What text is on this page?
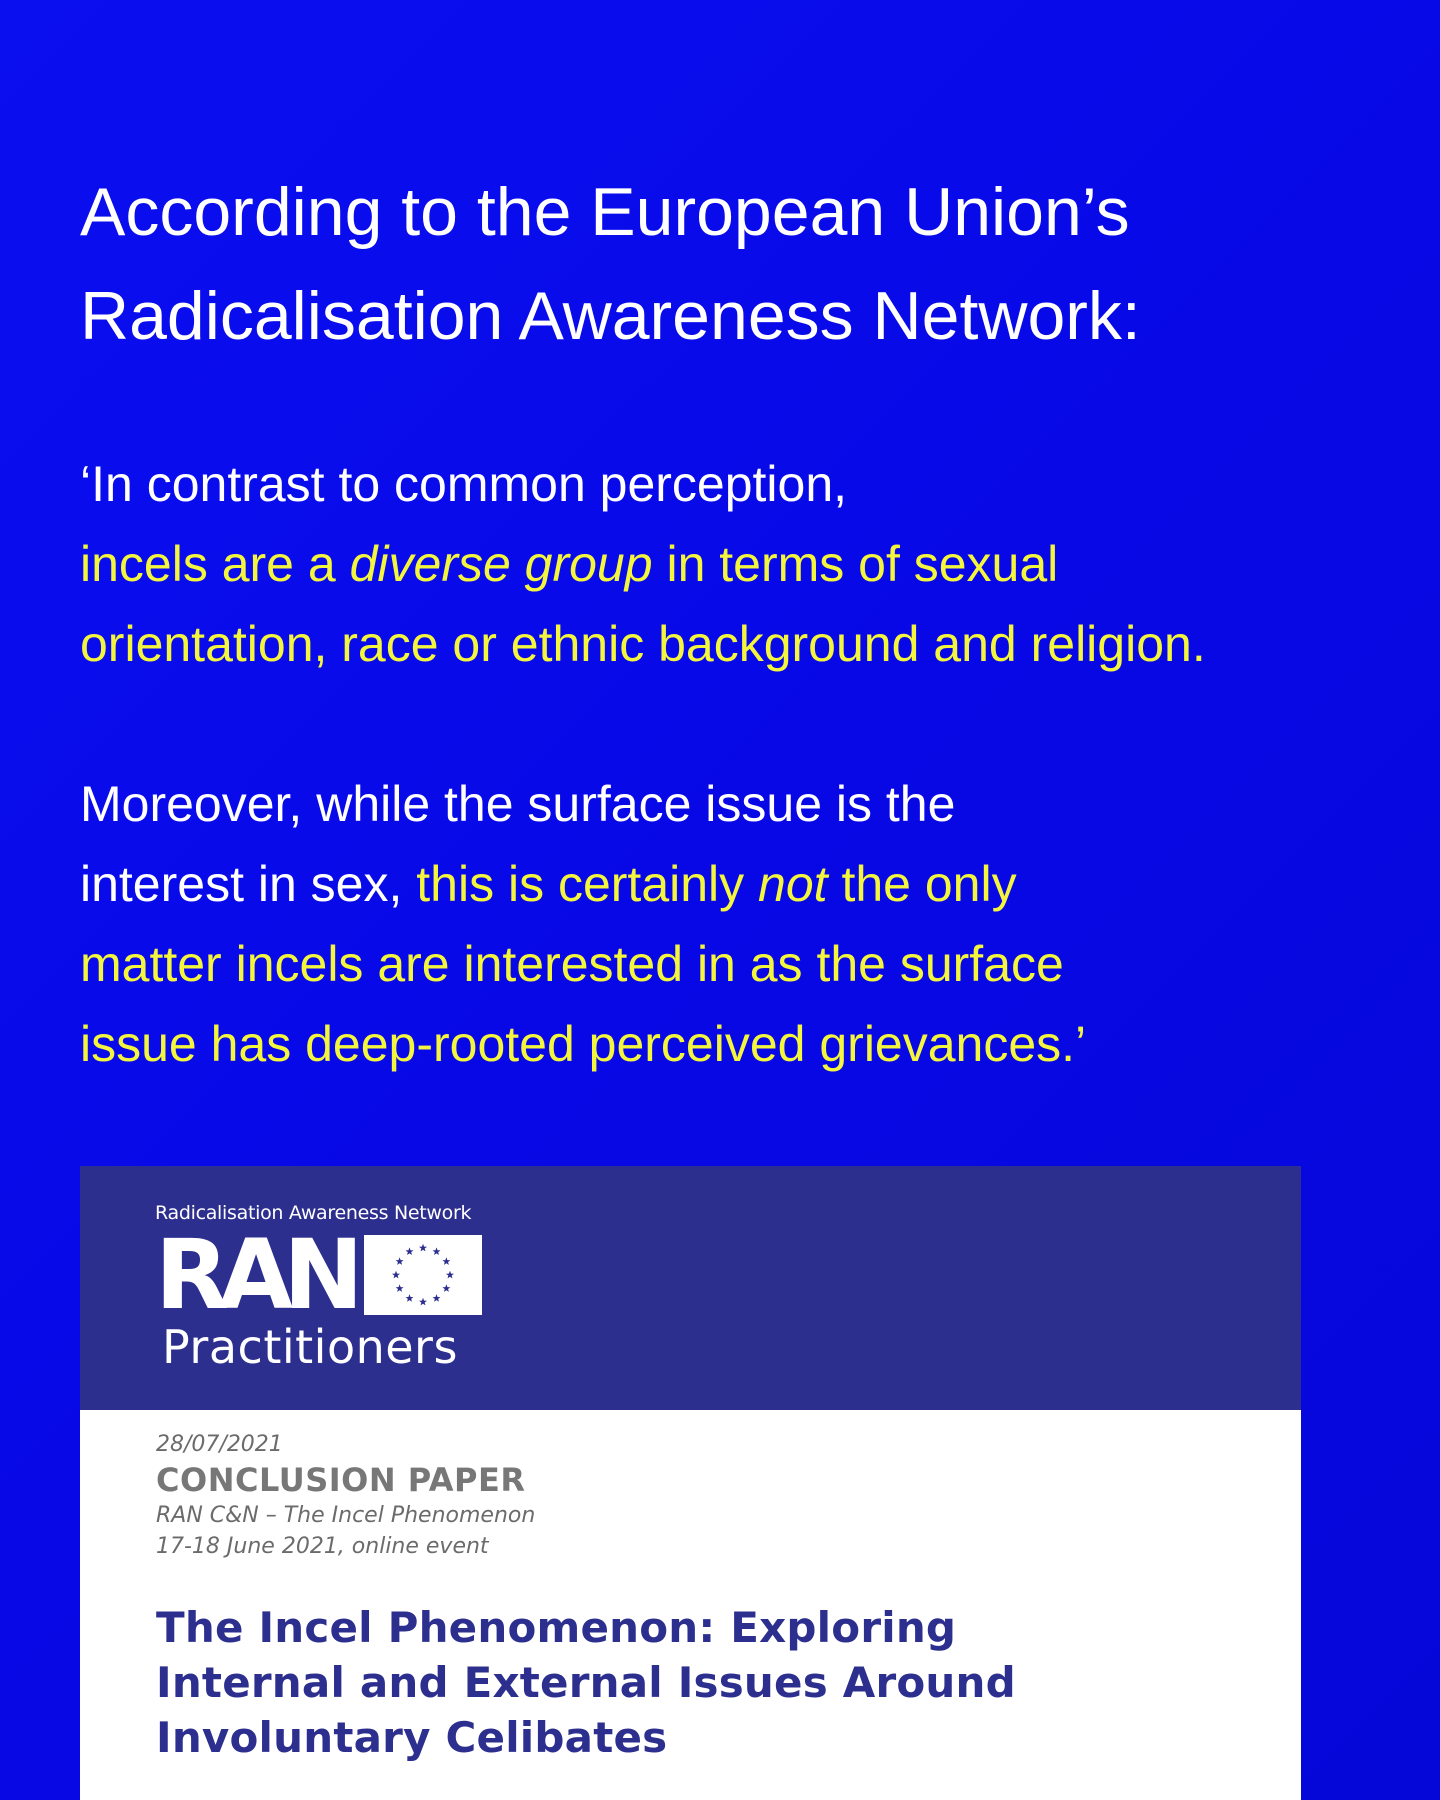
According to the European Union’s
Radicalisation Awareness Network:
‘In contrast to common perception,
incels are a diverse group in terms of sexual
orientation, race or ethnic background and religion.
Moreover, while the surface issue is the
interest in sex, this is certainly not the only
matter incels are interested in as the surface
issue has deep-rooted perceived grievances.’
Radicalisation Awareness Network
RAN
Practitioners
28/07/2021
CONCLUSION PAPER
RAN C&N – The Incel Phenomenon
17-18 June 2021, online event
The Incel Phenomenon: Exploring
Internal and External Issues Around
Involuntary Celibates
